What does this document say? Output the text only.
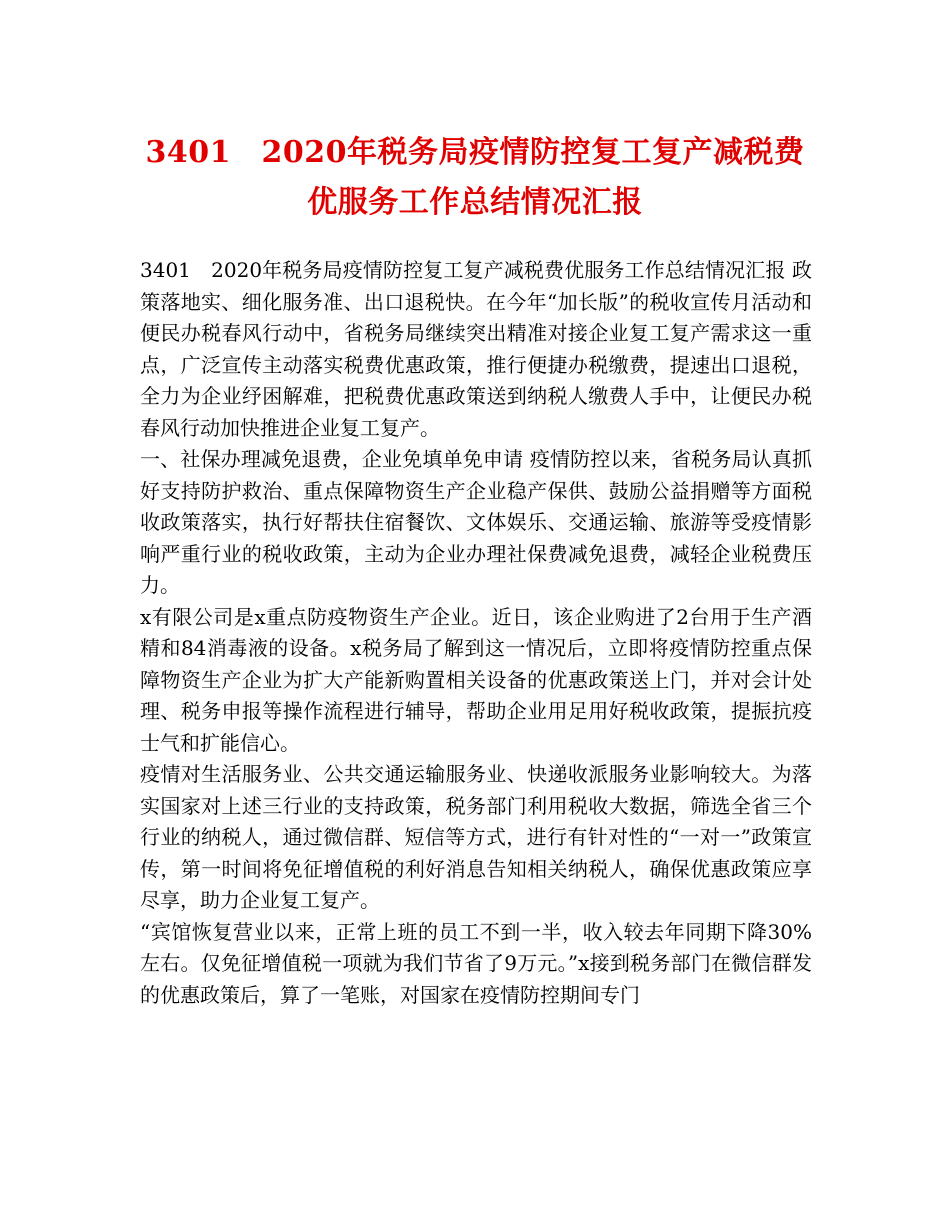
3401　2020年税务局疫情防控复工复产减税费优服务工作总结情况汇报

3401　2020年税务局疫情防控复工复产减税费优服务工作总结情况汇报 政策落地实、细化服务准、出口退税快。在今年“加长版”的税收宣传月活动和便民办税春风行动中，省税务局继续突出精准对接企业复工复产需求这一重点，广泛宣传主动落实税费优惠政策，推行便捷办税缴费，提速出口退税，全力为企业纾困解难，把税费优惠政策送到纳税人缴费人手中，让便民办税春风行动加快推进企业复工复产。

一、社保办理减免退费，企业免填单免申请 疫情防控以来，省税务局认真抓好支持防护救治、重点保障物资生产企业稳产保供、鼓励公益捐赠等方面税收政策落实，执行好帮扶住宿餐饮、文体娱乐、交通运输、旅游等受疫情影响严重行业的税收政策，主动为企业办理社保费减免退费，减轻企业税费压力。

x有限公司是x重点防疫物资生产企业。近日，该企业购进了2台用于生产酒精和84消毒液的设备。x税务局了解到这一情况后，立即将疫情防控重点保障物资生产企业为扩大产能新购置相关设备的优惠政策送上门，并对会计处理、税务申报等操作流程进行辅导，帮助企业用足用好税收政策，提振抗疫士气和扩能信心。

疫情对生活服务业、公共交通运输服务业、快递收派服务业影响较大。为落实国家对上述三行业的支持政策，税务部门利用税收大数据，筛选全省三个行业的纳税人，通过微信群、短信等方式，进行有针对性的“一对一”政策宣传，第一时间将免征增值税的利好消息告知相关纳税人，确保优惠政策应享尽享，助力企业复工复产。

“宾馆恢复营业以来，正常上班的员工不到一半，收入较去年同期下降30%左右。仅免征增值税一项就为我们节省了9万元。”x接到税务部门在微信群发的优惠政策后，算了一笔账，对国家在疫情防控期间专门
